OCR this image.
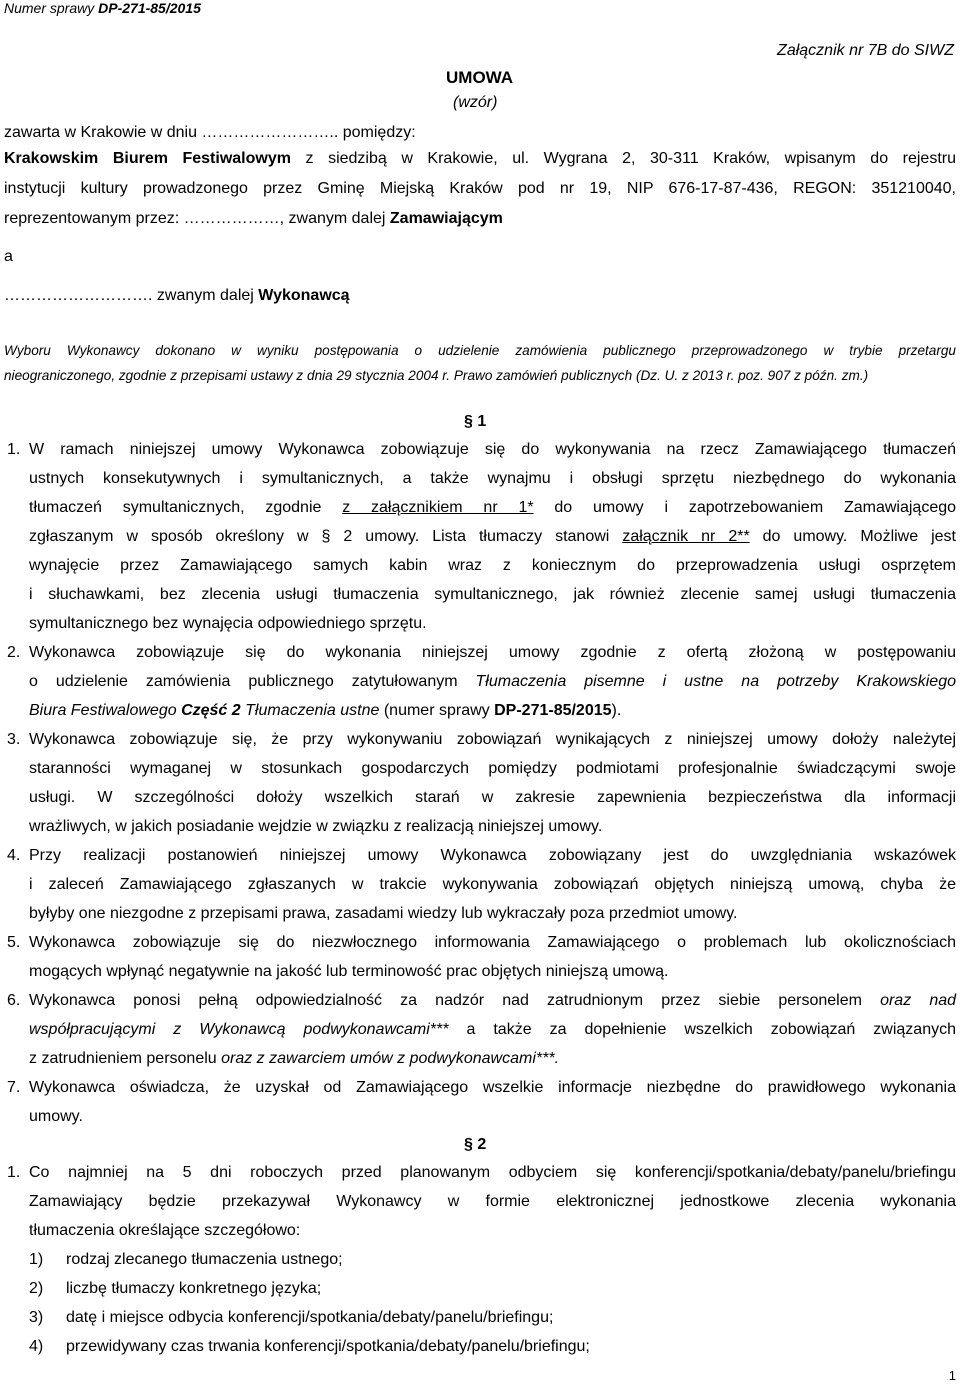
Numer sprawy DP-271-85/2015
Załącznik nr 7B do SIWZ
UMOWA
(wzór)
zawarta w Krakowie w dniu …………………….. pomiędzy:
Krakowskim Biurem Festiwalowym z siedzibą w Krakowie, ul. Wygrana 2, 30-311 Kraków, wpisanym do rejestru
instytucji kultury prowadzonego przez Gminę Miejską Kraków pod nr 19, NIP 676-17-87-436, REGON: 351210040,
reprezentowanym przez: ………………, zwanym dalej Zamawiającym
a
………………………. zwanym dalej Wykonawcą
Wyboru Wykonawcy dokonano w wyniku postępowania o udzielenie zamówienia publicznego przeprowadzonego w trybie przetargu
nieograniczonego, zgodnie z przepisami ustawy z dnia 29 stycznia 2004 r. Prawo zamówień publicznych (Dz. U. z 2013 r. poz. 907 z późn. zm.)
§ 1
1. W ramach niniejszej umowy Wykonawca zobowiązuje się do wykonywania na rzecz Zamawiającego tłumaczeń
ustnych konsekutywnych i symultanicznych, a także wynajmu i obsługi sprzętu niezbędnego do wykonania
tłumaczeń symultanicznych, zgodnie z załącznikiem nr 1* do umowy i zapotrzebowaniem Zamawiającego
zgłaszanym w sposób określony w § 2 umowy. Lista tłumaczy stanowi załącznik nr 2** do umowy. Możliwe jest
wynajęcie przez Zamawiającego samych kabin wraz z koniecznym do przeprowadzenia usługi osprzętem
i słuchawkami, bez zlecenia usługi tłumaczenia symultanicznego, jak również zlecenie samej usługi tłumaczenia
symultanicznego bez wynajęcia odpowiedniego sprzętu.
2. Wykonawca zobowiązuje się do wykonania niniejszej umowy zgodnie z ofertą złożoną w postępowaniu
o udzielenie zamówienia publicznego zatytułowanym Tłumaczenia pisemne i ustne na potrzeby Krakowskiego
Biura Festiwalowego Część 2 Tłumaczenia ustne (numer sprawy DP-271-85/2015).
3. Wykonawca zobowiązuje się, że przy wykonywaniu zobowiązań wynikających z niniejszej umowy dołoży należytej
staranności wymaganej w stosunkach gospodarczych pomiędzy podmiotami profesjonalnie świadczącymi swoje
usługi. W szczególności dołoży wszelkich starań w zakresie zapewnienia bezpieczeństwa dla informacji
wrażliwych, w jakich posiadanie wejdzie w związku z realizacją niniejszej umowy.
4. Przy realizacji postanowień niniejszej umowy Wykonawca zobowiązany jest do uwzględniania wskazówek
i zaleceń Zamawiającego zgłaszanych w trakcie wykonywania zobowiązań objętych niniejszą umową, chyba że
byłyby one niezgodne z przepisami prawa, zasadami wiedzy lub wykraczały poza przedmiot umowy.
5. Wykonawca zobowiązuje się do niezwłocznego informowania Zamawiającego o problemach lub okolicznościach
mogących wpłynąć negatywnie na jakość lub terminowość prac objętych niniejszą umową.
6. Wykonawca ponosi pełną odpowiedzialność za nadzór nad zatrudnionym przez siebie personelem oraz nad
współpracującymi z Wykonawcą podwykonawcami*** a także za dopełnienie wszelkich zobowiązań związanych
z zatrudnieniem personelu oraz z zawarciem umów z podwykonawcami***.
7. Wykonawca oświadcza, że uzyskał od Zamawiającego wszelkie informacje niezbędne do prawidłowego wykonania
umowy.
§ 2
1. Co najmniej na 5 dni roboczych przed planowanym odbyciem się konferencji/spotkania/debaty/panelu/briefingu
Zamawiający będzie przekazywał Wykonawcy w formie elektronicznej jednostkowe zlecenia wykonania
tłumaczenia określające szczegółowo:
1) rodzaj zlecanego tłumaczenia ustnego;
2) liczbę tłumaczy konkretnego języka;
3) datę i miejsce odbycia konferencji/spotkania/debaty/panelu/briefingu;
4) przewidywany czas trwania konferencji/spotkania/debaty/panelu/briefingu;
1
